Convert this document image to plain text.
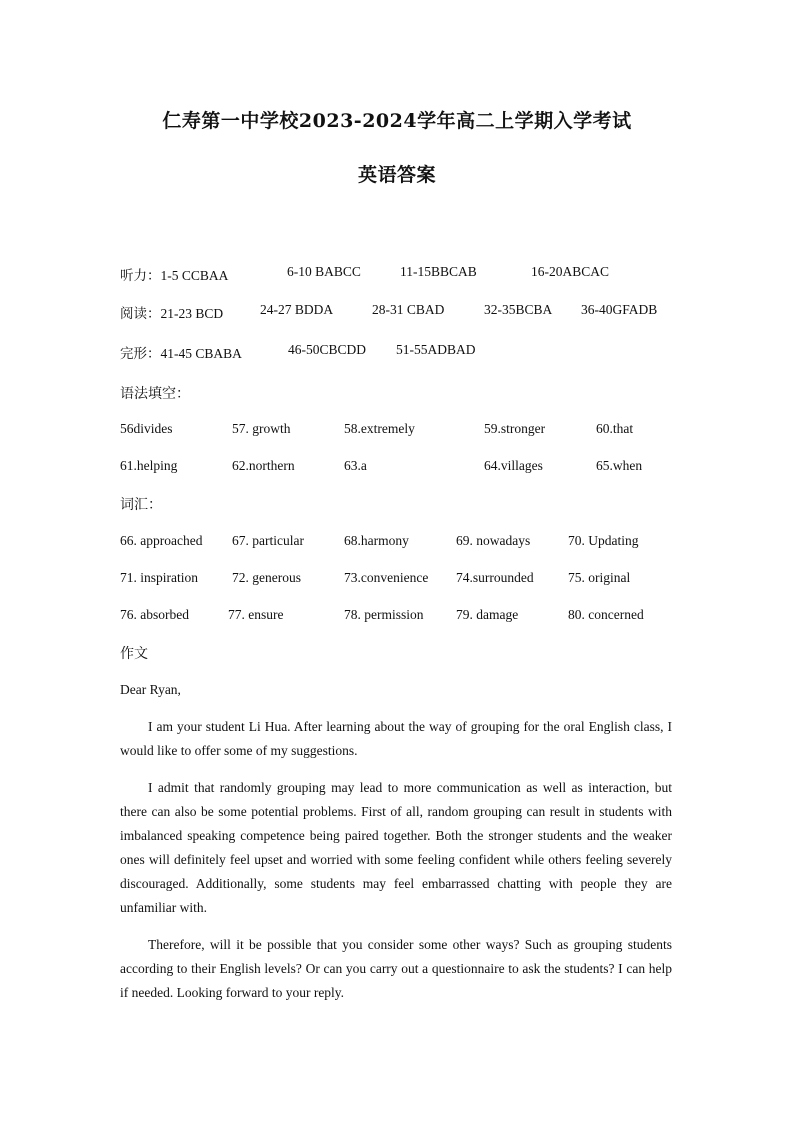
仁寿第一中学校2023-2024学年高二上学期入学考试
英语答案
听力：1-5 CCBAA	6-10 BABCC	11-15BBCAB	16-20ABCAC
阅读：21-23 BCD	24-27 BDDA	28-31 CBAD	32-35BCBA 36-40GFADB
完形：41-45 CBABA	46-50CBCDD 51-55ADBAD
语法填空：
56divides	57. growth	58.extremely	59.stronger	60.that
61.helping	62.northern	63.a	64.villages	65.when
词汇：
66. approached 67. particular	68.harmony	69. nowadays	70. Updating
71. inspiration	72. generous	73.convenience 74.surrounded	75. original
76. absorbed	77. ensure	78. permission 79. damage	80. concerned
作文
Dear Ryan,
I am your student Li Hua. After learning about the way of grouping for the oral English class, I would like to offer some of my suggestions.
I admit that randomly grouping may lead to more communication as well as interaction, but there can also be some potential problems. First of all, random grouping can result in students with imbalanced speaking competence being paired together. Both the stronger students and the weaker ones will definitely feel upset and worried with some feeling confident while others feeling severely discouraged. Additionally, some students may feel embarrassed chatting with people they are unfamiliar with.
Therefore, will it be possible that you consider some other ways? Such as grouping students according to their English levels? Or can you carry out a questionnaire to ask the students? I can help if needed. Looking forward to your reply.
